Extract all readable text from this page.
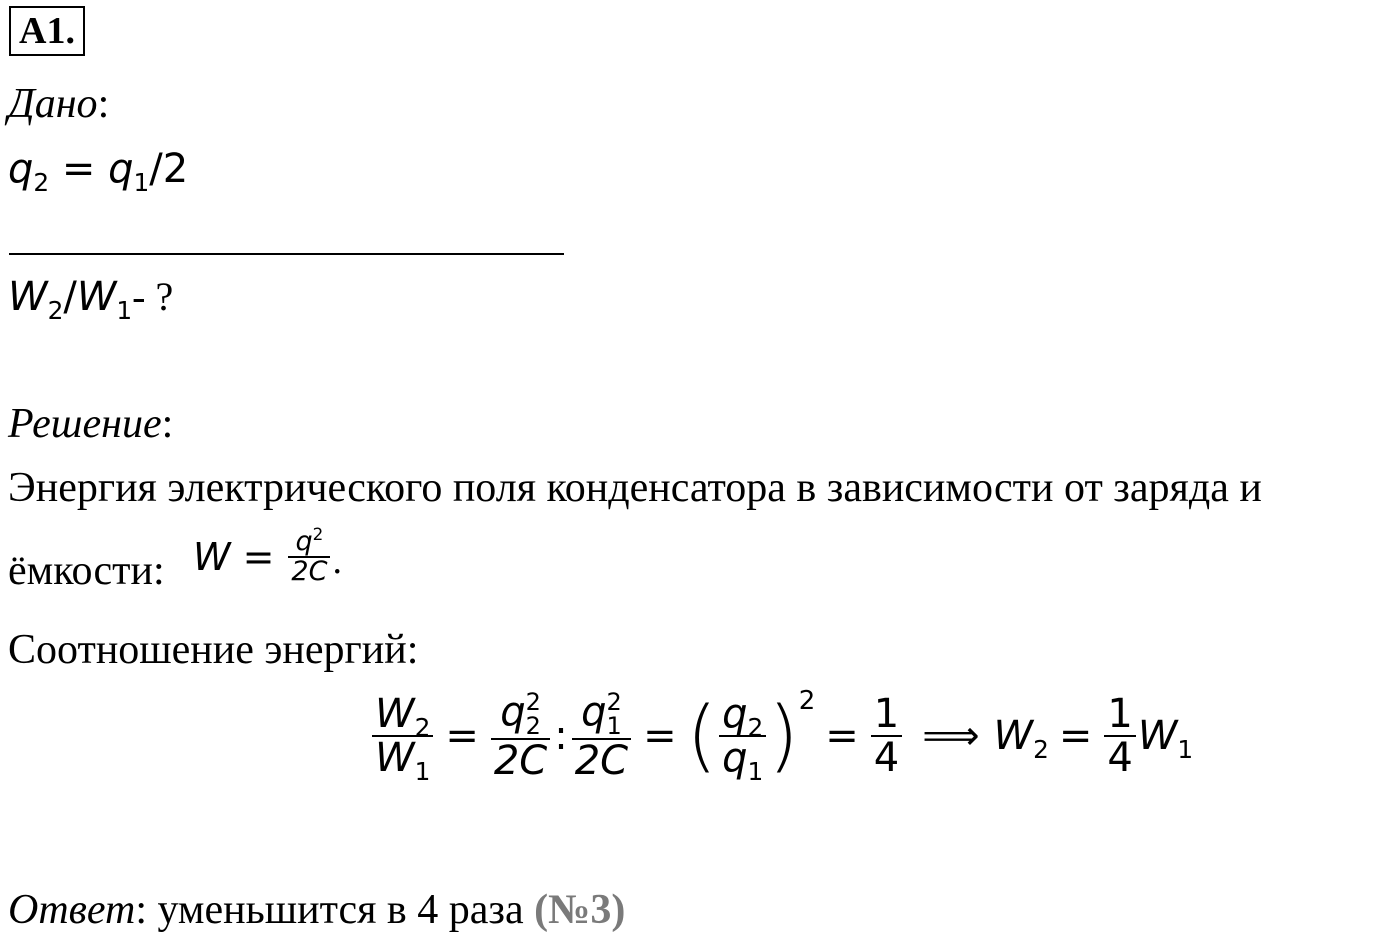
A1.
Дано:
$q_2 = q_1/2$
$W_2/W_1-$ ?
Решение:
Энергия электрического поля конденсатора в зависимости от заряда и
ёмкости: $W = \frac{q^2}{2C}$ .
Соотношение энергий:
$\frac{W_2}{W_1} = q$ 2
2
2C : q 2
1
2C = ( $\frac{q_2}{q_1}$ ) 2
= $\frac{1}{4}$ ⟹ $W_2 = \frac{1}{4} W_1$
Ответ: уменьшится в 4 раза (№3)
